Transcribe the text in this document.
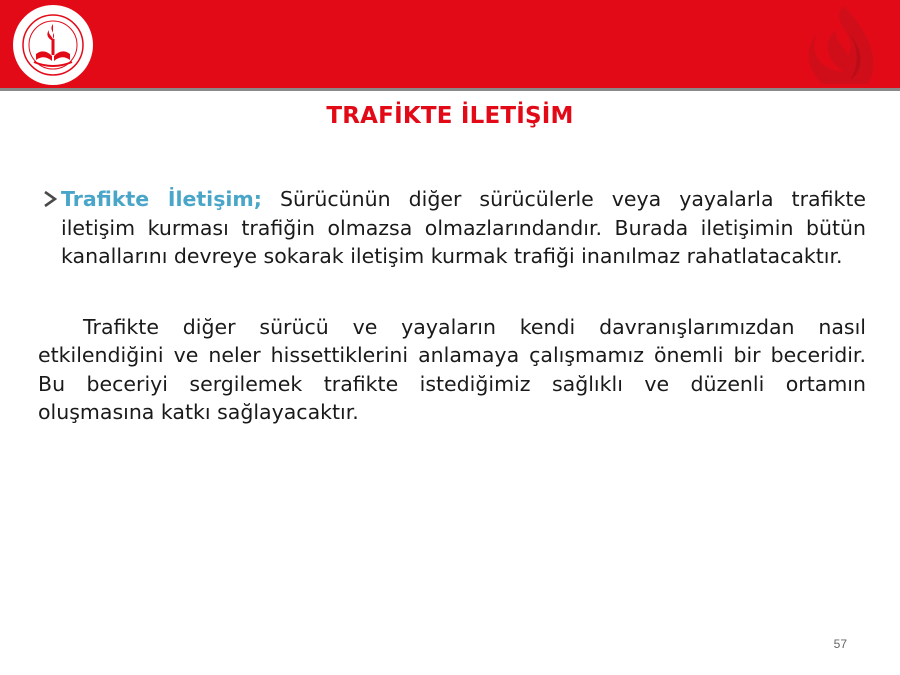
TRAFİKTE İLETİŞİM

Trafikte İletişim; Sürücünün diğer sürücülerle veya yayalarla trafikte iletişim kurması trafiğin olmazsa olmazlarındandır. Burada iletişimin bütün kanallarını devreye sokarak iletişim kurmak trafiği inanılmaz rahatlatacaktır.

Trafikte diğer sürücü ve yayaların kendi davranışlarımızdan nasıl etkilendiğini ve neler hissettiklerini anlamaya çalışmamız önemli bir beceridir. Bu beceriyi sergilemek trafikte istediğimiz sağlıklı ve düzenli ortamın oluşmasına katkı sağlayacaktır.

57
